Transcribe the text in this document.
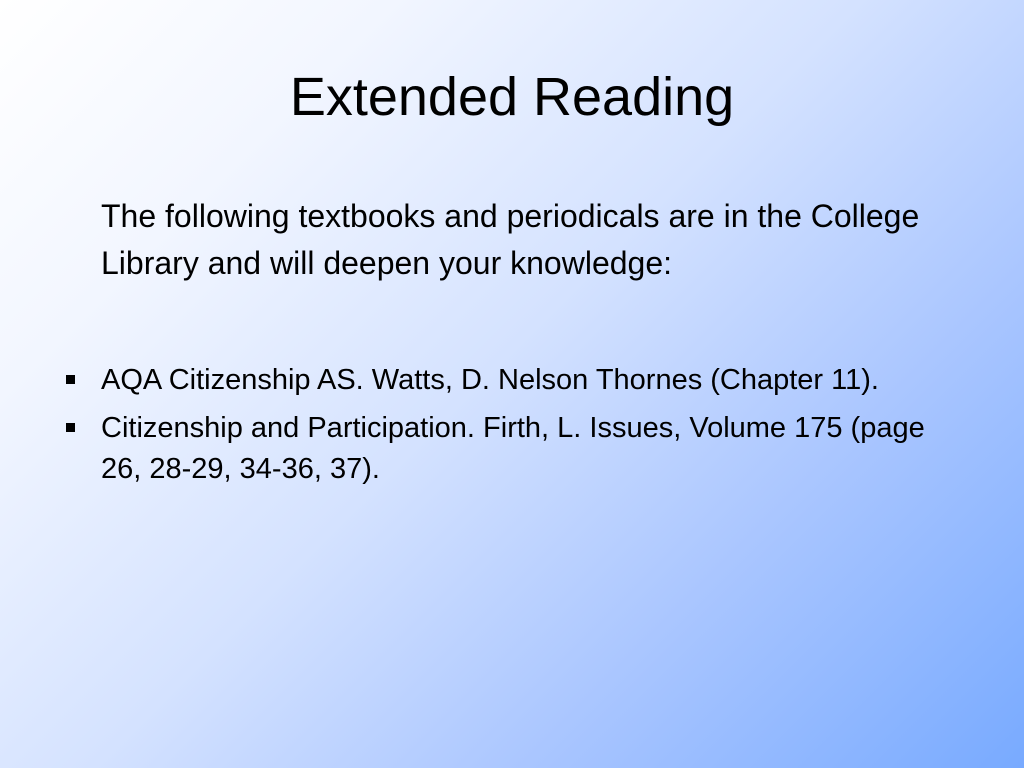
Extended Reading

The following textbooks and periodicals are in the College Library and will deepen your knowledge:

AQA Citizenship AS. Watts, D. Nelson Thornes (Chapter 11).
Citizenship and Participation. Firth, L. Issues, Volume 175 (page 26, 28-29, 34-36, 37).
